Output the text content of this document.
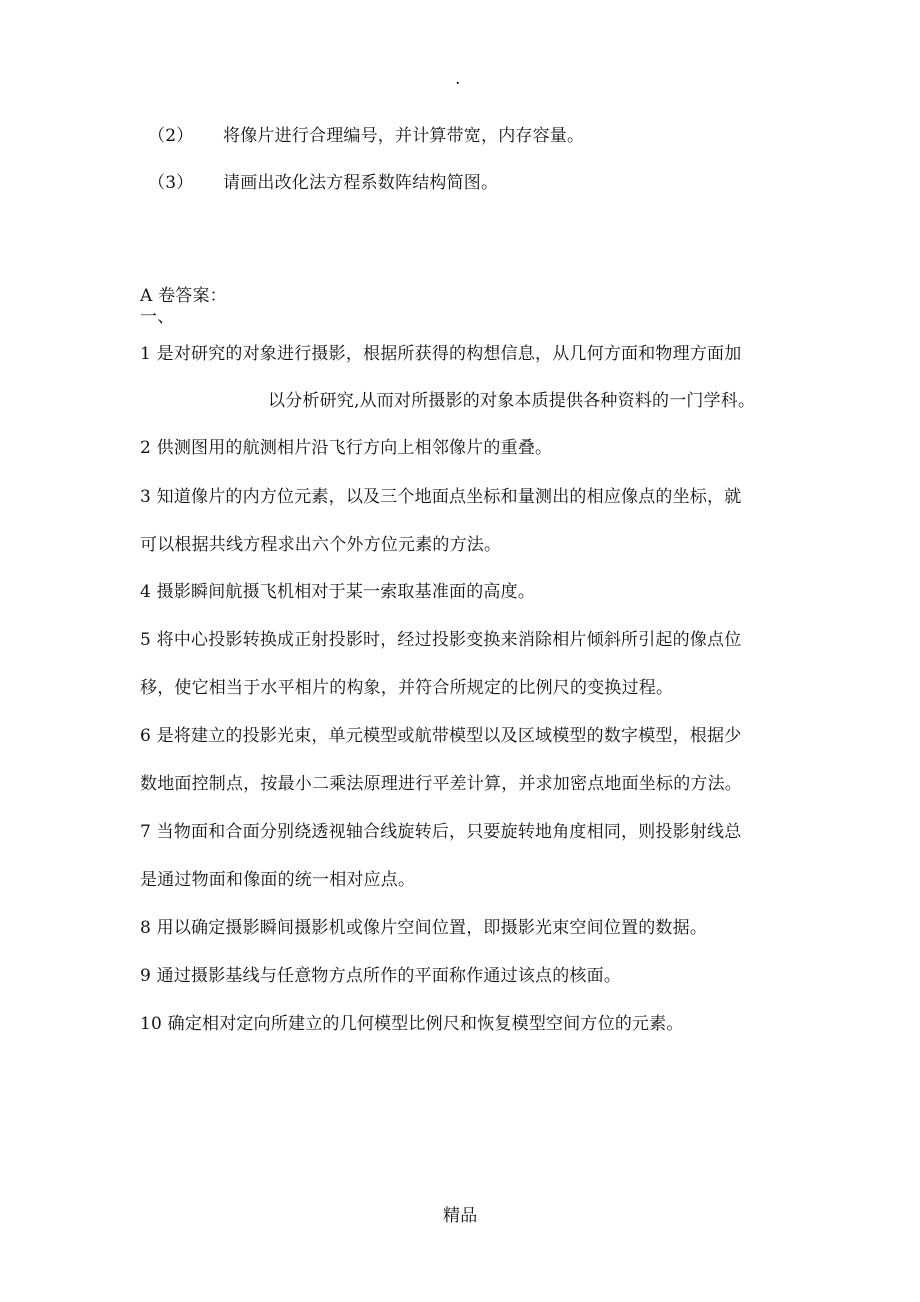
.
（2） 将像片进行合理编号，并计算带宽，内存容量。
（3） 请画出改化法方程系数阵结构简图。
A 卷答案：
一、
1 是对研究的对象进行摄影，根据所获得的构想信息，从几何方面和物理方面加
以分析研究,从而对所摄影的对象本质提供各种资料的一门学科。
2 供测图用的航测相片沿飞行方向上相邻像片的重叠。
3 知道像片的内方位元素，以及三个地面点坐标和量测出的相应像点的坐标，就
可以根据共线方程求出六个外方位元素的方法。
4 摄影瞬间航摄飞机相对于某一索取基准面的高度。
5 将中心投影转换成正射投影时，经过投影变换来消除相片倾斜所引起的像点位
移，使它相当于水平相片的构象，并符合所规定的比例尺的变换过程。
6 是将建立的投影光束，单元模型或航带模型以及区域模型的数字模型，根据少
数地面控制点，按最小二乘法原理进行平差计算，并求加密点地面坐标的方法。
7 当物面和合面分别绕透视轴合线旋转后，只要旋转地角度相同，则投影射线总
是通过物面和像面的统一相对应点。
8 用以确定摄影瞬间摄影机或像片空间位置，即摄影光束空间位置的数据。
9 通过摄影基线与任意物方点所作的平面称作通过该点的核面。
10 确定相对定向所建立的几何模型比例尺和恢复模型空间方位的元素。
精品
